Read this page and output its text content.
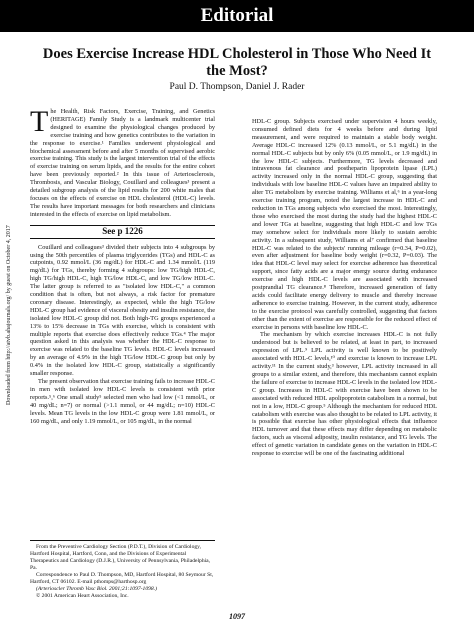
Editorial
Does Exercise Increase HDL Cholesterol in Those Who Need It the Most?
Paul D. Thompson, Daniel J. Rader
Downloaded from http://atvb.ahajournals.org/ by guest on October 4, 2017

The Health, Risk Factors, Exercise, Training, and Genetics (HERITAGE) Family Study is a landmark multicenter trial designed to examine the physiological changes produced by exercise training and how genetics contributes to the variation in the response to exercise.¹ Families underwent physiological and biochemical assessment before and after 5 months of supervised aerobic exercise training. This study is the largest intervention trial of the effects of exercise training on serum lipids, and the results for the entire cohort have been previously reported.² In this issue of Arteriosclerosis, Thrombosis, and Vascular Biology, Couillard and colleagues³ present a detailed subgroup analysis of the lipid results for 200 white males that focuses on the effects of exercise on HDL cholesterol (HDL-C) levels. The results have important messages for both researchers and clinicians interested in the effects of exercise on lipid metabolism.

See p 1226

Couillard and colleagues³ divided their subjects into 4 subgroups by using the 50th percentiles of plasma triglycerides (TGs) and HDL-C as cutpoints, 0.92 mmol/L (36 mg/dL) for HDL-C and 1.34 mmol/L (119 mg/dL) for TGs, thereby forming 4 subgroups: low TG/high HDL-C, high TG/high HDL-C, high TG/low HDL-C, and low TG/low HDL-C. The latter group is referred to as "isolated low HDL-C," a common condition that is often, but not always, a risk factor for premature coronary disease. Interestingly, as expected, while the high TG/low HDL-C group had evidence of visceral obesity and insulin resistance, the isolated low HDL-C group did not. Both high-TG groups experienced a 13% to 15% decrease in TGs with exercise, which is consistent with multiple reports that exercise does effectively reduce TGs.⁴ The major question asked in this analysis was whether the HDL-C response to exercise was related to the baseline TG levels. HDL-C levels increased by an average of 4.9% in the high TG/low HDL-C group but only by 0.4% in the isolated low HDL-C group, statistically a significantly smaller response.

The present observation that exercise training fails to increase HDL-C in men with isolated low HDL-C levels is consistent with prior reports.⁵,⁶ One small study⁵ selected men who had low (<1 mmol/L, or 40 mg/dL; n=7) or normal (>1.1 mmol, or 44 mg/dL; n=10) HDL-C levels. Mean TG levels in the low HDL-C group were 1.81 mmol/L, or 160 mg/dL, and only 1.19 mmol/L, or 105 mg/dL, in the normal

From the Preventive Cardiology Section (P.D.T.), Division of Cardiology, Hartford Hospital, Hartford, Conn, and the Divisions of Experimental Therapeutics and Cardiology (D.J.R.), University of Pennsylvania, Philadelphia, Pa.

Correspondence to Paul D. Thompson, MD, Hartford Hospital, 80 Seymour St, Hartford, CT 06102. E-mail pthomps@harthosp.org

(Arterioscler Thromb Vasc Biol. 2001;21:1097-1098.)

© 2001 American Heart Association, Inc.

HDL-C group. Subjects exercised under supervision 4 hours weekly, consumed defined diets for 4 weeks before and during lipid measurement, and were required to maintain a stable body weight. Average HDL-C increased 12% (0.13 mmol/L, or 5.1 mg/dL) in the normal HDL-C subjects but by only 6% (0.05 mmol/L, or 1.9 mg/dL) in the low HDL-C subjects. Furthermore, TG levels decreased and intravenous fat clearance and postheparin lipoprotein lipase (LPL) activity increased only in the normal HDL-C group, suggesting that individuals with low baseline HDL-C values have an impaired ability to alter TG metabolism by exercise training. Williams et al,⁶ in a year-long exercise training program, noted the largest increase in HDL-C and reduction in TGs among subjects who exercised the most. Interestingly, those who exercised the most during the study had the highest HDL-C and lower TGs at baseline, suggesting that high HDL-C and low TGs may somehow select for individuals more likely to sustain aerobic activity. In a subsequent study, Williams et al⁷ confirmed that baseline HDL-C was related to the subjects' running mileage (r=0.34, P=0.02), even after adjustment for baseline body weight (r=0.32, P=0.03). The idea that HDL-C level may select for exercise adherence has theoretical support, since fatty acids are a major energy source during endurance exercise and high HDL-C levels are associated with increased postprandial TG clearance.⁸ Therefore, increased generation of fatty acids could facilitate energy delivery to muscle and thereby increase adherence to exercise training. However, in the current study, adherence to the exercise protocol was carefully controlled, suggesting that factors other than the extent of exercise are responsible for the reduced effect of exercise in persons with baseline low HDL-C.

The mechanism by which exercise increases HDL-C is not fully understood but is believed to be related, at least in part, to increased expression of LPL.⁹ LPL activity is well known to be positively associated with HDL-C levels,¹⁰ and exercise is known to increase LPL activity.¹¹ In the current study,³ however, LPL activity increased in all groups to a similar extent, and therefore, this mechanism cannot explain the failure of exercise to increase HDL-C levels in the isolated low HDL-C group. Increases in HDL-C with exercise have been shown to be associated with reduced HDL apolipoprotein catabolism in a normal, but not in a low, HDL-C group.⁵ Although the mechanism for reduced HDL catabolism with exercise was also thought to be related to LPL activity, it is possible that exercise has other physiological effects that influence HDL turnover and that these effects may differ depending on metabolic factors, such as visceral adiposity, insulin resistance, and TG levels. The effect of genetic variation in candidate genes on the variation in HDL-C response to exercise will be one of the fascinating additional

1097
